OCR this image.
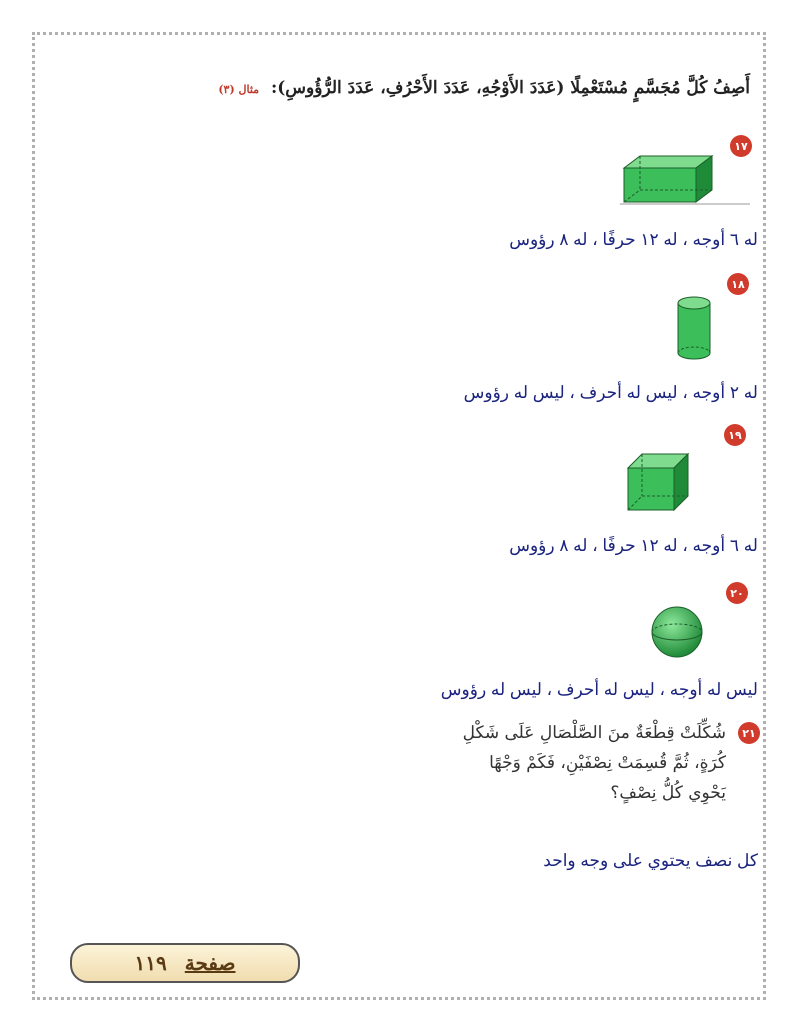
أَصِفُ كُلَّ مُجَسَّمٍ مُسْتَعْمِلًا (عَدَدَ الأَوْجُهِ، عَدَدَ الأَحْرُفِ، عَدَدَ الرُّؤُوسِ): مثال (٣)
١٧
له ٦ أوجه ، له ١٢ حرفًا ، له ٨ رؤوس
١٨
له ٢ أوجه ، ليس له أحرف ، ليس له رؤوس
١٩
له ٦ أوجه ، له ١٢ حرفًا ، له ٨ رؤوس
٢٠
ليس له أوجه ، ليس له أحرف ، ليس له رؤوس
٢١
شُكِّلَتْ قِطْعَةٌ منَ الصَّلْصَالِ عَلَى شَكْلِ
كُرَةٍ، ثُمَّ قُسِمَتْ نِصْفَيْنِ، فَكَمْ وَجْهًا
يَحْوِي كُلُّ نِصْفٍ؟
كل نصف يحتوي على وجه واحد
صفحة
١١٩
